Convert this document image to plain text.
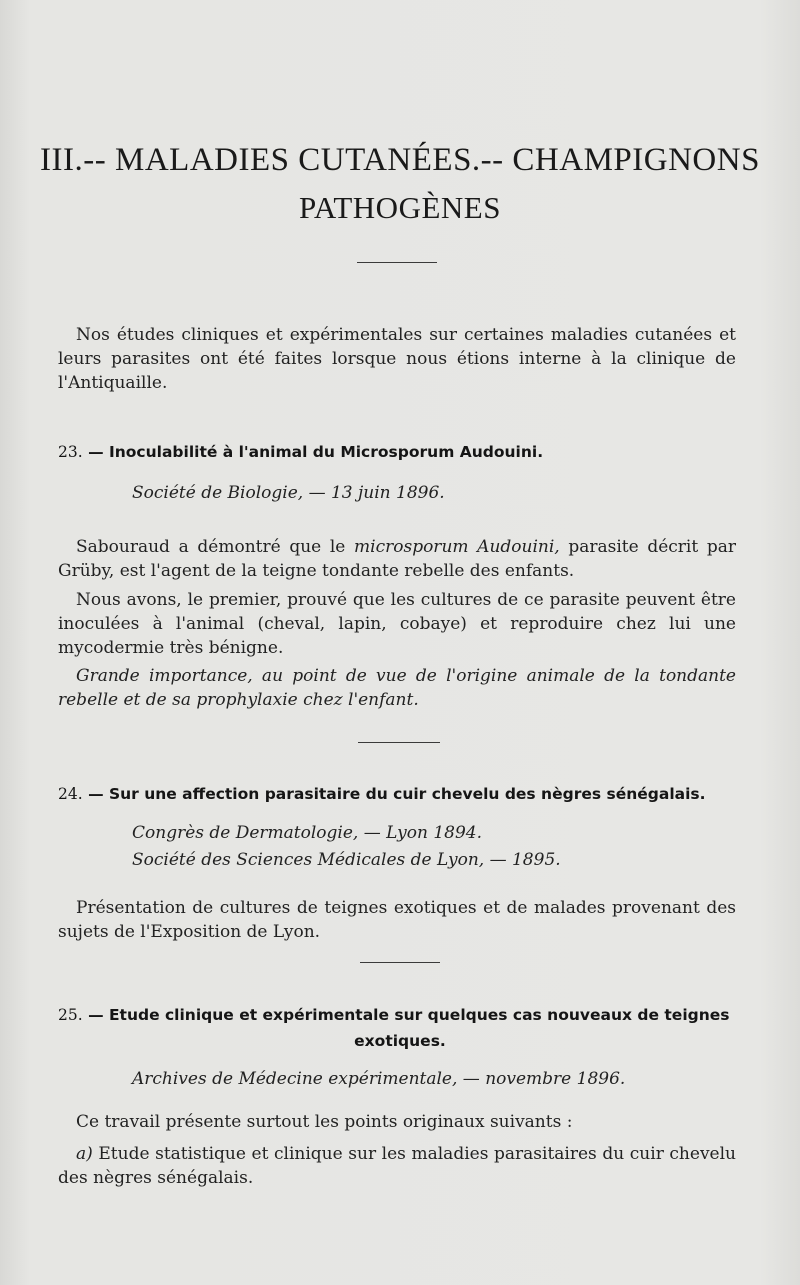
III.-- MALADIES CUTANÉES.-- CHAMPIGNONS
PATHOGÈNES
Nos études cliniques et expérimentales sur certaines maladies cutanées et leurs parasites ont été faites lorsque nous étions interne à la clinique de l'Antiquaille.
23. — Inoculabilité à l'animal du Microsporum Audouini.
Société de Biologie, — 13 juin 1896.
Sabouraud a démontré que le microsporum Audouini, parasite décrit par Grüby, est l'agent de la teigne tondante rebelle des enfants.
Nous avons, le premier, prouvé que les cultures de ce parasite peuvent être inoculées à l'animal (cheval, lapin, cobaye) et reproduire chez lui une mycodermie très bénigne.
Grande importance, au point de vue de l'origine animale de la tondante rebelle et de sa prophylaxie chez l'enfant.
24. — Sur une affection parasitaire du cuir chevelu des nègres sénégalais.
Congrès de Dermatologie, — Lyon 1894.
Société des Sciences Médicales de Lyon, — 1895.
Présentation de cultures de teignes exotiques et de malades provenant des sujets de l'Exposition de Lyon.
25. — Etude clinique et expérimentale sur quelques cas nouveaux de teignes
exotiques.
Archives de Médecine expérimentale, — novembre 1896.
Ce travail présente surtout les points originaux suivants :
a) Etude statistique et clinique sur les maladies parasitaires du cuir chevelu des nègres sénégalais.
